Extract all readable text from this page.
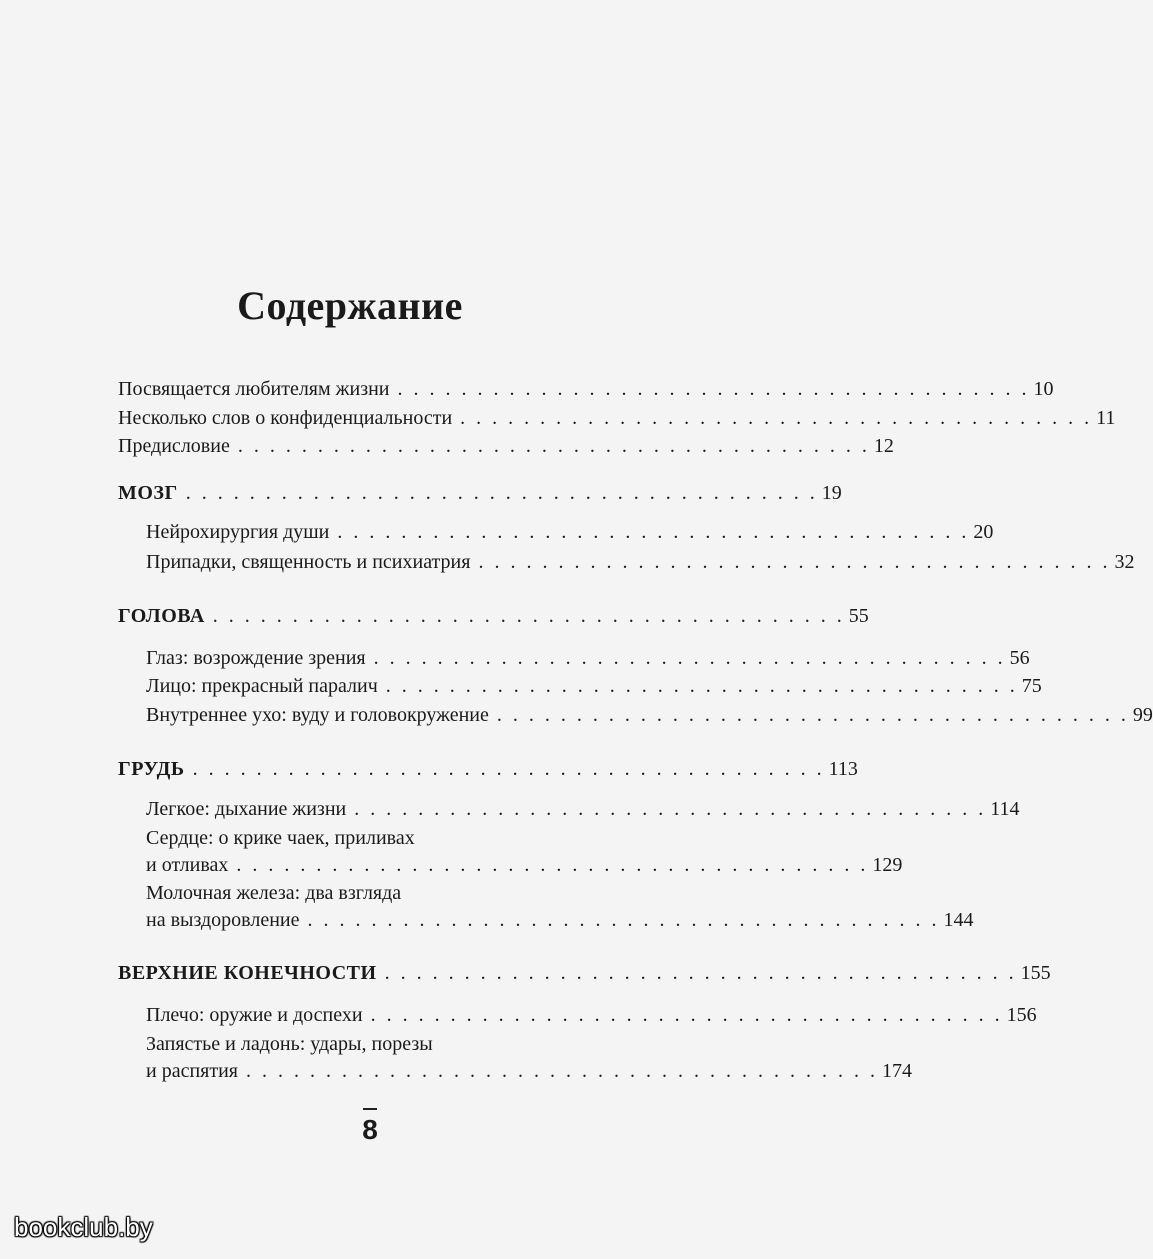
Содержание
Посвящается любителям жизни . . . . . . . . . . . . . . . . . . . . . . . . . . . . . . . . . . . . . . . . 10
Несколько слов о конфиденциальности . . . . . . . . . . . . . . . . . . . . . . . . . . . . . . . . . . . . . . . . 11
Предисловие . . . . . . . . . . . . . . . . . . . . . . . . . . . . . . . . . . . . . . . . 12
МОЗГ . . . . . . . . . . . . . . . . . . . . . . . . . . . . . . . . . . . . . . . . 19
Нейрохирургия души . . . . . . . . . . . . . . . . . . . . . . . . . . . . . . . . . . . . . . . . 20
Припадки, священность и психиатрия . . . . . . . . . . . . . . . . . . . . . . . . . . . . . . . . . . . . . . . . 32
ГОЛОВА . . . . . . . . . . . . . . . . . . . . . . . . . . . . . . . . . . . . . . . . 55
Глаз: возрождение зрения . . . . . . . . . . . . . . . . . . . . . . . . . . . . . . . . . . . . . . . . 56
Лицо: прекрасный паралич . . . . . . . . . . . . . . . . . . . . . . . . . . . . . . . . . . . . . . . . 75
Внутреннее ухо: вуду и головокружение . . . . . . . . . . . . . . . . . . . . . . . . . . . . . . . . . . . . . . . . 99
ГРУДЬ . . . . . . . . . . . . . . . . . . . . . . . . . . . . . . . . . . . . . . . . 113
Легкое: дыхание жизни . . . . . . . . . . . . . . . . . . . . . . . . . . . . . . . . . . . . . . . . 114
Сердце: о крике чаек, приливах
и отливах . . . . . . . . . . . . . . . . . . . . . . . . . . . . . . . . . . . . . . . . 129
Молочная железа: два взгляда
на выздоровление . . . . . . . . . . . . . . . . . . . . . . . . . . . . . . . . . . . . . . . . 144
ВЕРХНИЕ КОНЕЧНОСТИ . . . . . . . . . . . . . . . . . . . . . . . . . . . . . . . . . . . . . . . . 155
Плечо: оружие и доспехи . . . . . . . . . . . . . . . . . . . . . . . . . . . . . . . . . . . . . . . . 156
Запястье и ладонь: удары, порезы
и распятия . . . . . . . . . . . . . . . . . . . . . . . . . . . . . . . . . . . . . . . . 174
8
bookclub.by
